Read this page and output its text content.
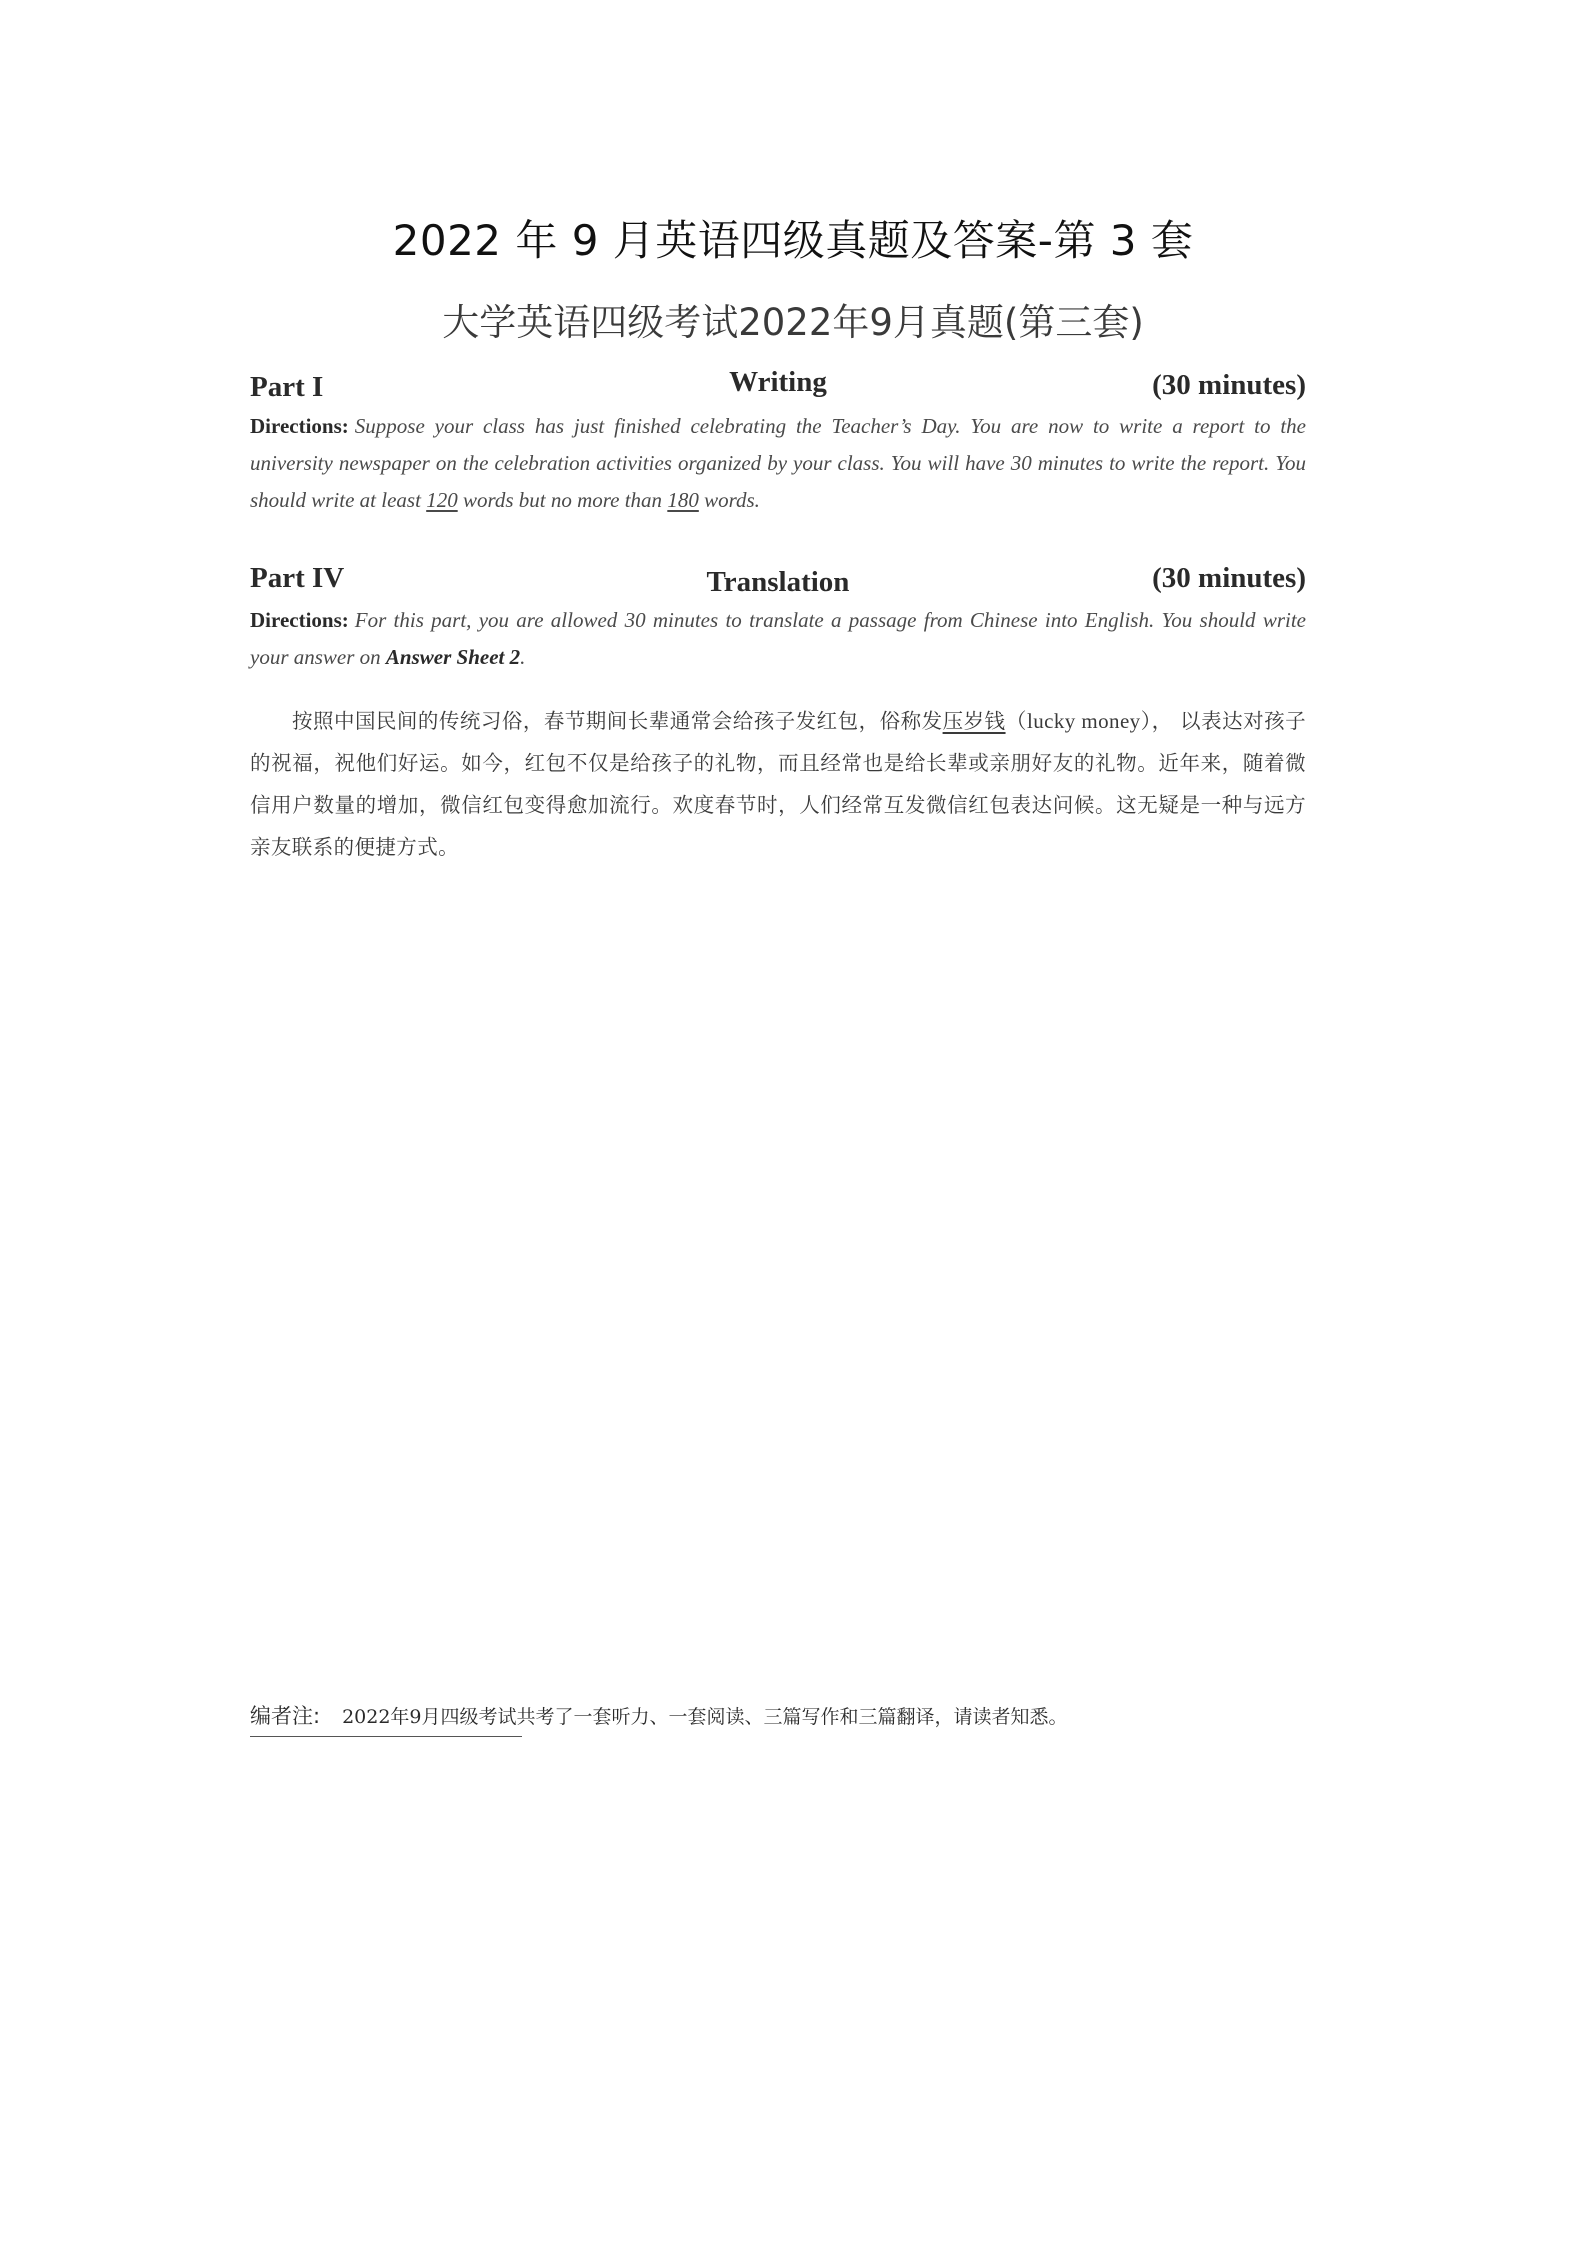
2022 年 9 月英语四级真题及答案-第 3 套
大学英语四级考试2022年9月真题(第三套)
Part I	Writing	(30 minutes)
Directions: Suppose your class has just finished celebrating the Teacher’s Day. You are now to write a report to the university newspaper on the celebration activities organized by your class. You will have 30 minutes to write the report. You should write at least 120 words but no more than 180 words.
Part IV	Translation	(30 minutes)
Directions: For this part, you are allowed 30 minutes to translate a passage from Chinese into English. You should write your answer on Answer Sheet 2.
按照中国民间的传统习俗，春节期间长辈通常会给孩子发红包，俗称发压岁钱（lucky money）， 以表达对孩子的祝福，祝他们好运。如今，红包不仅是给孩子的礼物，而且经常也是给长辈或亲朋好友的礼物。近年来，随着微信用户数量的增加，微信红包变得愈加流行。欢度春节时，人们经常互发微信红包表达问候。这无疑是一种与远方亲友联系的便捷方式。
编者注: 2022年9月四级考试共考了一套听力、一套阅读、三篇写作和三篇翻译，请读者知悉。
